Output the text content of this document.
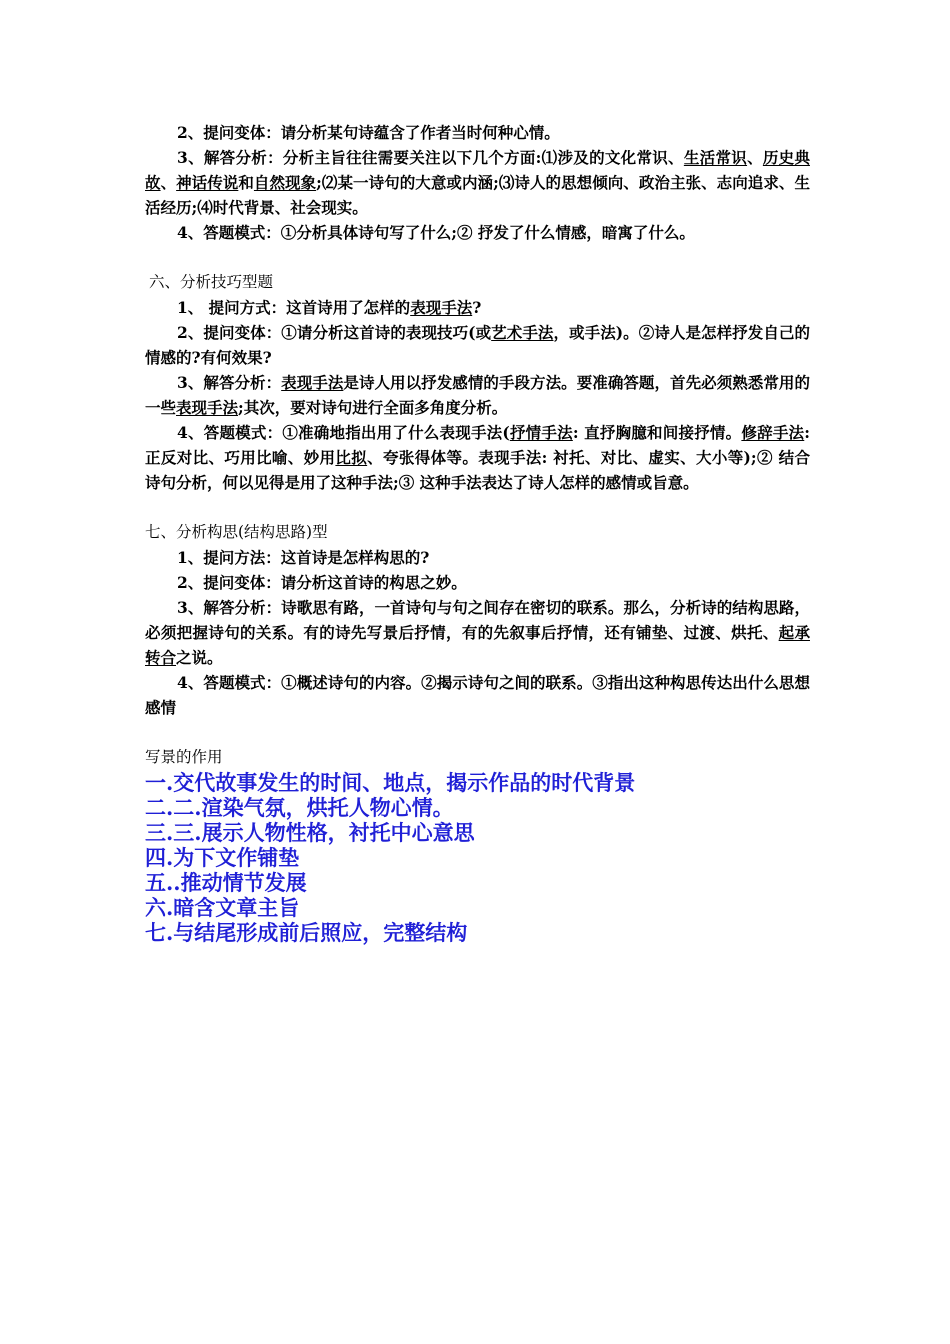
2、提问变体：请分析某句诗蕴含了作者当时何种心情。

3、解答分析：分析主旨往往需要关注以下几个方面:⑴涉及的文化常识、生活常识、历史典故、神话传说和自然现象;⑵某一诗句的大意或内涵;⑶诗人的思想倾向、政治主张、志向追求、生活经历;⑷时代背景、社会现实。

4、答题模式：①分析具体诗句写了什么;② 抒发了什么情感，暗寓了什么。

六、分析技巧型题

1、 提问方式：这首诗用了怎样的表现手法?

2、提问变体：①请分析这首诗的表现技巧(或艺术手法，或手法)。②诗人是怎样抒发自己的情感的?有何效果?

3、解答分析：表现手法是诗人用以抒发感情的手段方法。要准确答题，首先必须熟悉常用的一些表现手法;其次，要对诗句进行全面多角度分析。

4、答题模式：①准确地指出用了什么表现手法(抒情手法: 直抒胸臆和间接抒情。修辞手法: 正反对比、巧用比喻、妙用比拟、夸张得体等。表现手法: 衬托、对比、虚实、大小等);② 结合诗句分析，何以见得是用了这种手法;③ 这种手法表达了诗人怎样的感情或旨意。

七、分析构思(结构思路)型

1、提问方法：这首诗是怎样构思的?

2、提问变体：请分析这首诗的构思之妙。

3、解答分析：诗歌思有路，一首诗句与句之间存在密切的联系。那么，分析诗的结构思路，必须把握诗句的关系。有的诗先写景后抒情，有的先叙事后抒情，还有铺垫、过渡、烘托、起承转合之说。

4、答题模式：①概述诗句的内容。②揭示诗句之间的联系。③指出这种构思传达出什么思想感情

写景的作用

一.交代故事发生的时间、地点，揭示作品的时代背景
二.二.渲染气氛，烘托人物心情。
三.三.展示人物性格，衬托中心意思
四.为下文作铺垫
五..推动情节发展
六.暗含文章主旨
七.与结尾形成前后照应，完整结构
